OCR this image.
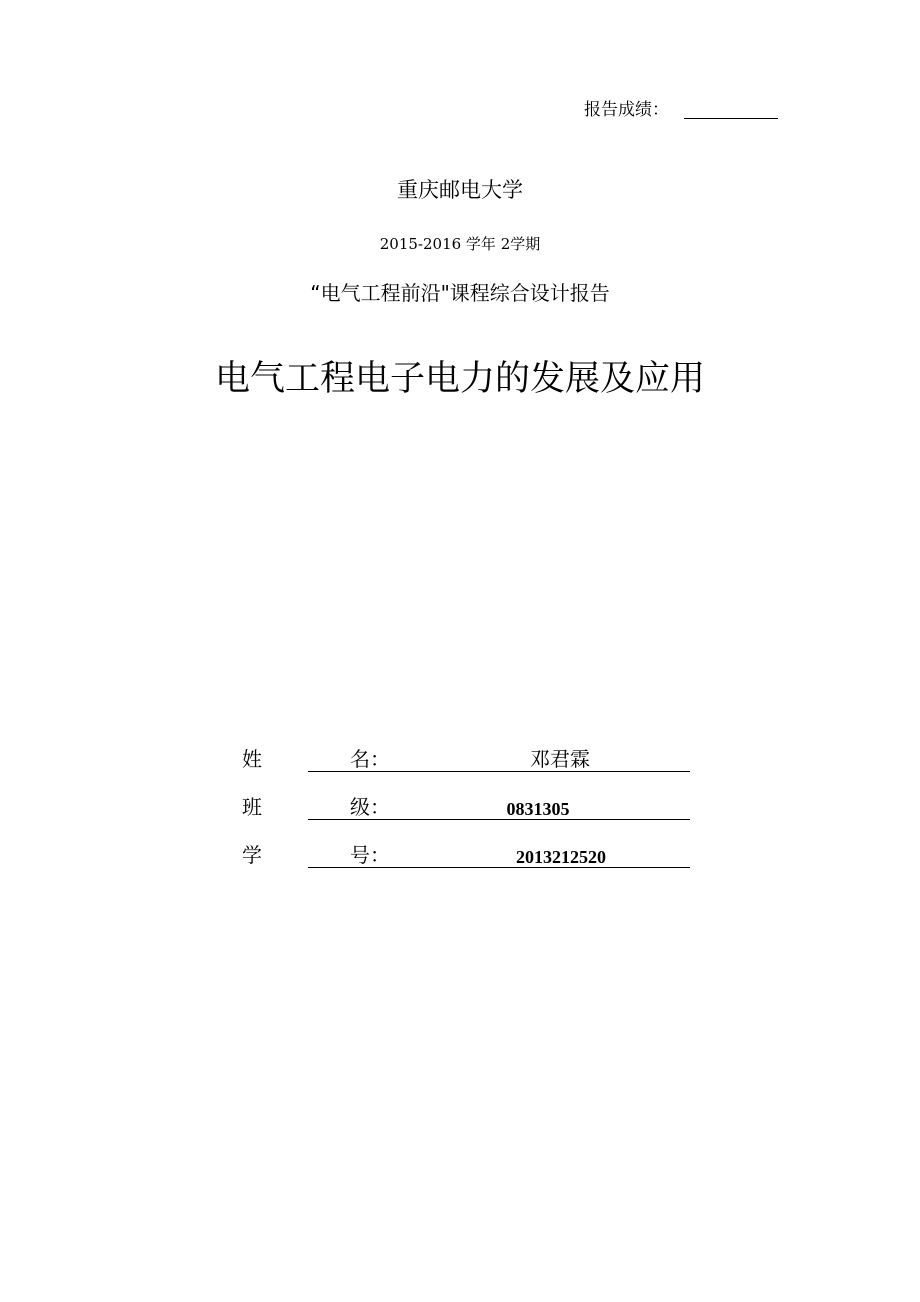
报告成绩：
重庆邮电大学
2015-2016 学年 2学期
“电气工程前沿"课程综合设计报告
电气工程电子电力的发展及应用
姓	名：	邓君霖
班	级：	0831305
学	号：	2013212520
